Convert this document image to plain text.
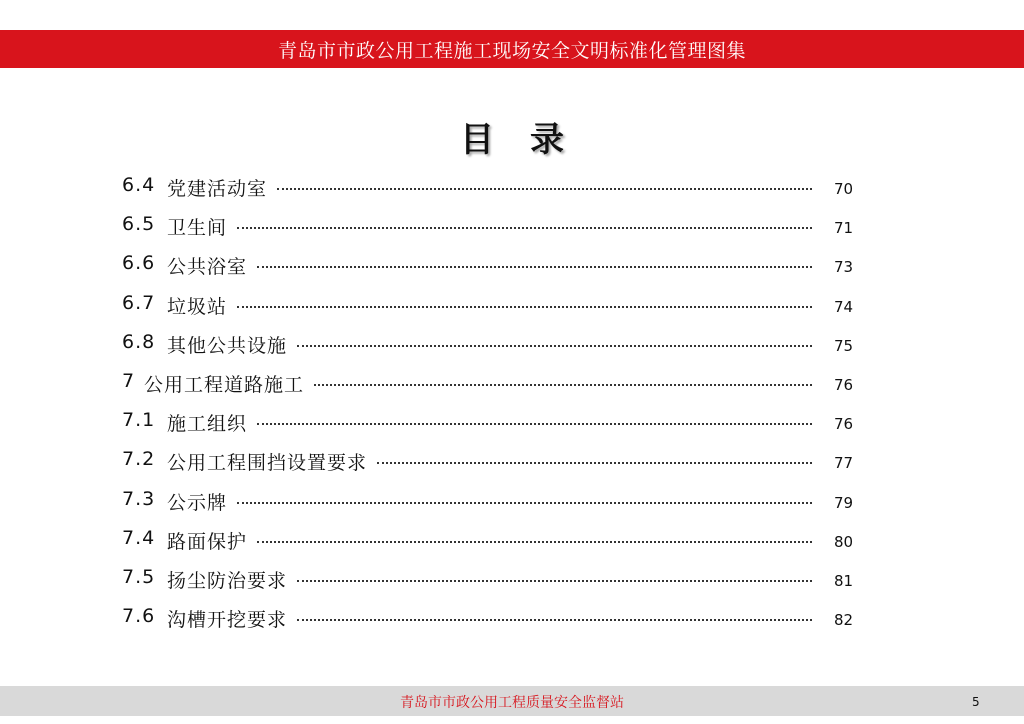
青岛市市政公用工程施工现场安全文明标准化管理图集
目录
6.4 党建活动室	70
6.5 卫生间	71
6.6 公共浴室	73
6.7 垃圾站	74
6.8 其他公共设施	75
7 公用工程道路施工	76
7.1 施工组织	76
7.2 公用工程围挡设置要求	77
7.3 公示牌	79
7.4 路面保护	80
7.5 扬尘防治要求	81
7.6 沟槽开挖要求	82
青岛市市政公用工程质量安全监督站	5
